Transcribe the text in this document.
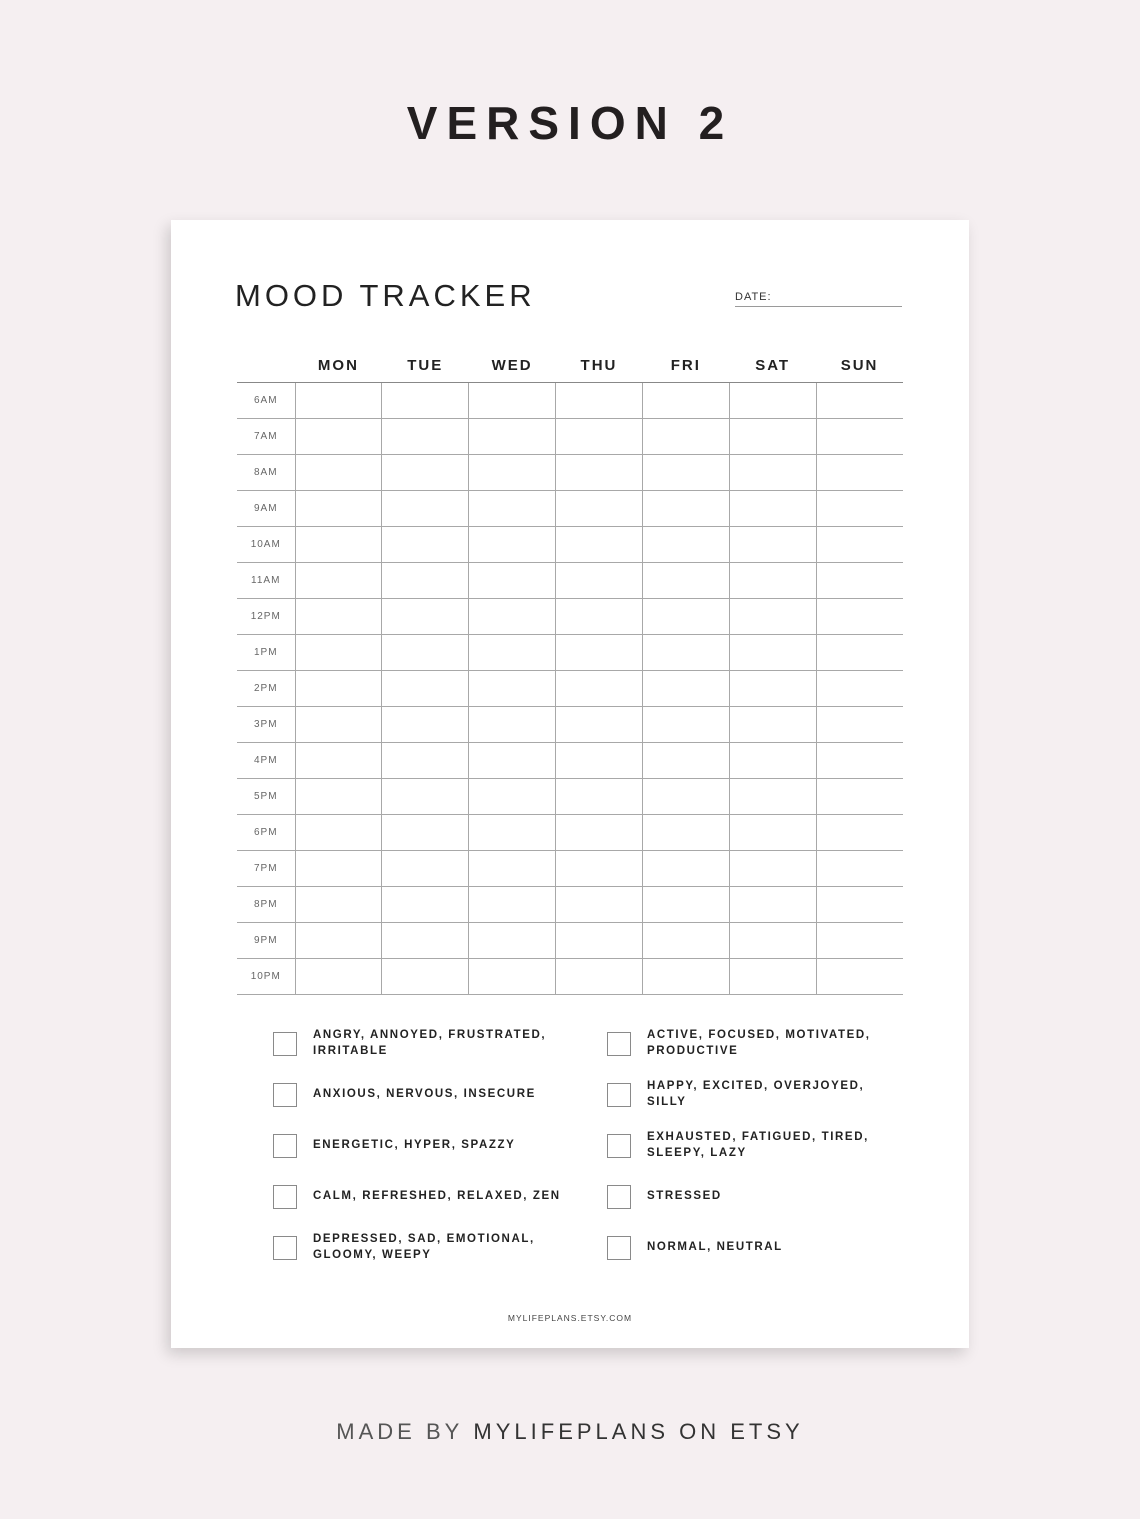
VERSION 2
MOOD TRACKER	DATE:
	MON	TUE	WED	THU	FRI	SAT	SUN
6AM							
7AM							
8AM							
9AM							
10AM							
11AM							
12PM							
1PM							
2PM							
3PM							
4PM							
5PM							
6PM							
7PM							
8PM							
9PM							
10PM							
ANGRY, ANNOYED, FRUSTRATED, IRRITABLE
ANXIOUS, NERVOUS, INSECURE
ENERGETIC, HYPER, SPAZZY
CALM, REFRESHED, RELAXED, ZEN
DEPRESSED, SAD, EMOTIONAL, GLOOMY, WEEPY
ACTIVE, FOCUSED, MOTIVATED, PRODUCTIVE
HAPPY, EXCITED, OVERJOYED, SILLY
EXHAUSTED, FATIGUED, TIRED, SLEEPY, LAZY
STRESSED
NORMAL, NEUTRAL
MYLIFEPLANS.ETSY.COM
MADE BY MYLIFEPLANS ON ETSY
